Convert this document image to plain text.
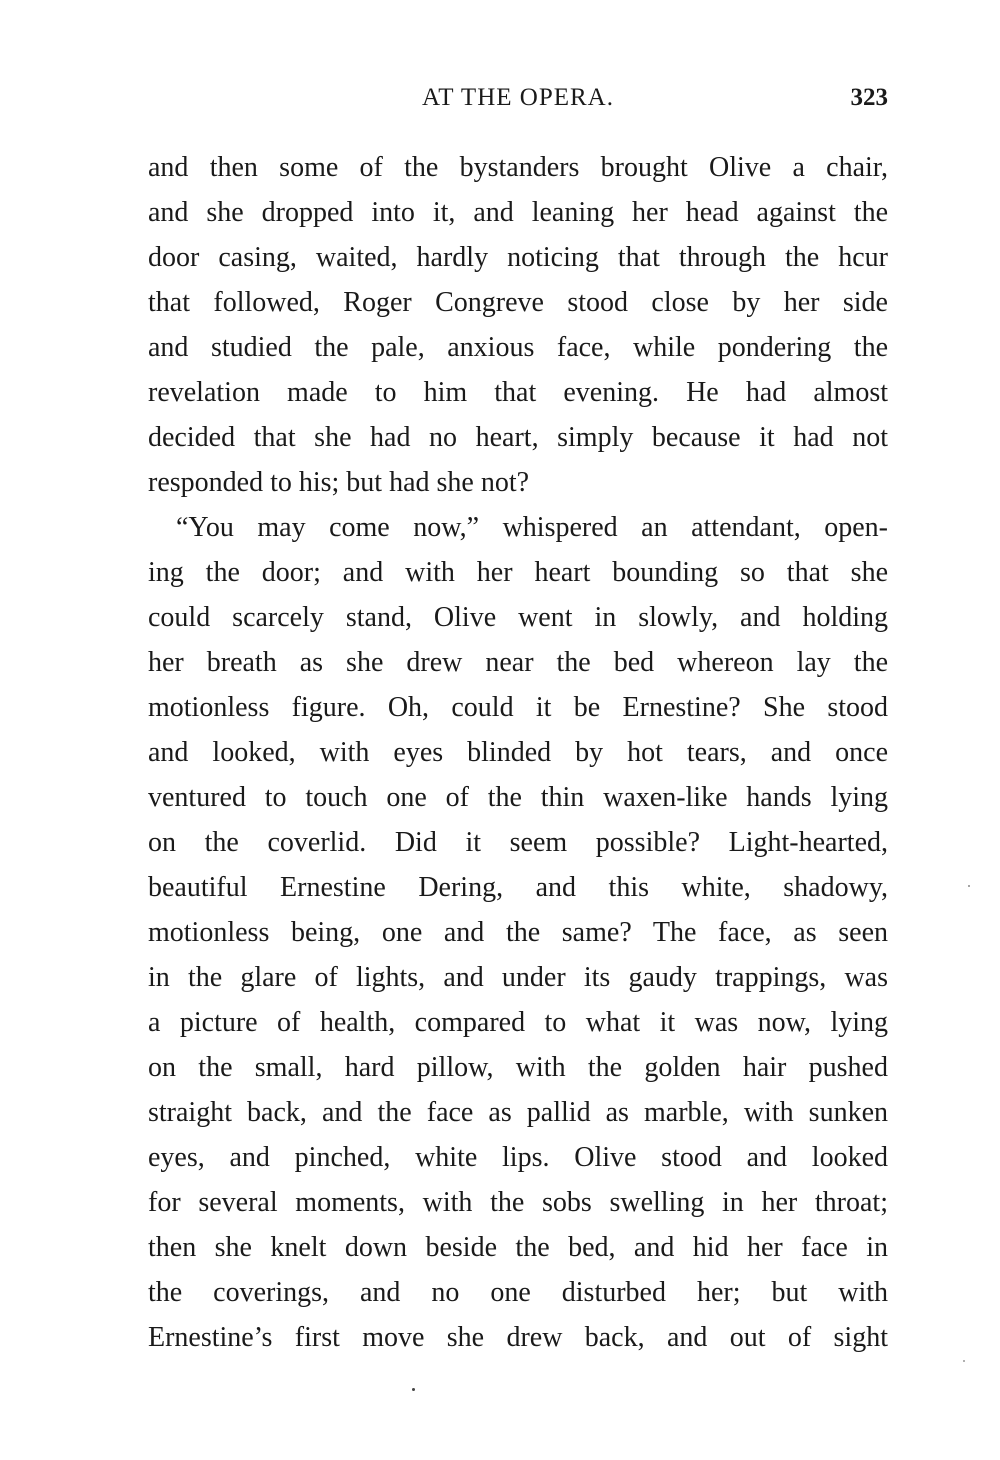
AT THE OPERA.	323
and then some of the bystanders brought Olive a chair,
and she dropped into it, and leaning her head against the
door casing, waited, hardly noticing that through the hcur
that followed, Roger Congreve stood close by her side
and studied the pale, anxious face, while pondering the
revelation made to him that evening. He had almost
decided that she had no heart, simply because it had not
responded to his; but had she not?
“You may come now,” whispered an attendant, open-
ing the door; and with her heart bounding so that she
could scarcely stand, Olive went in slowly, and holding
her breath as she drew near the bed whereon lay the
motionless figure. Oh, could it be Ernestine? She stood
and looked, with eyes blinded by hot tears, and once
ventured to touch one of the thin waxen-like hands lying
on the coverlid. Did it seem possible? Light-hearted,
beautiful Ernestine Dering, and this white, shadowy,
motionless being, one and the same? The face, as seen
in the glare of lights, and under its gaudy trappings, was
a picture of health, compared to what it was now, lying
on the small, hard pillow, with the golden hair pushed
straight back, and the face as pallid as marble, with sunken
eyes, and pinched, white lips. Olive stood and looked
for several moments, with the sobs swelling in her throat;
then she knelt down beside the bed, and hid her face in
the coverings, and no one disturbed her; but with
Ernestine’s first move she drew back, and out of sight
